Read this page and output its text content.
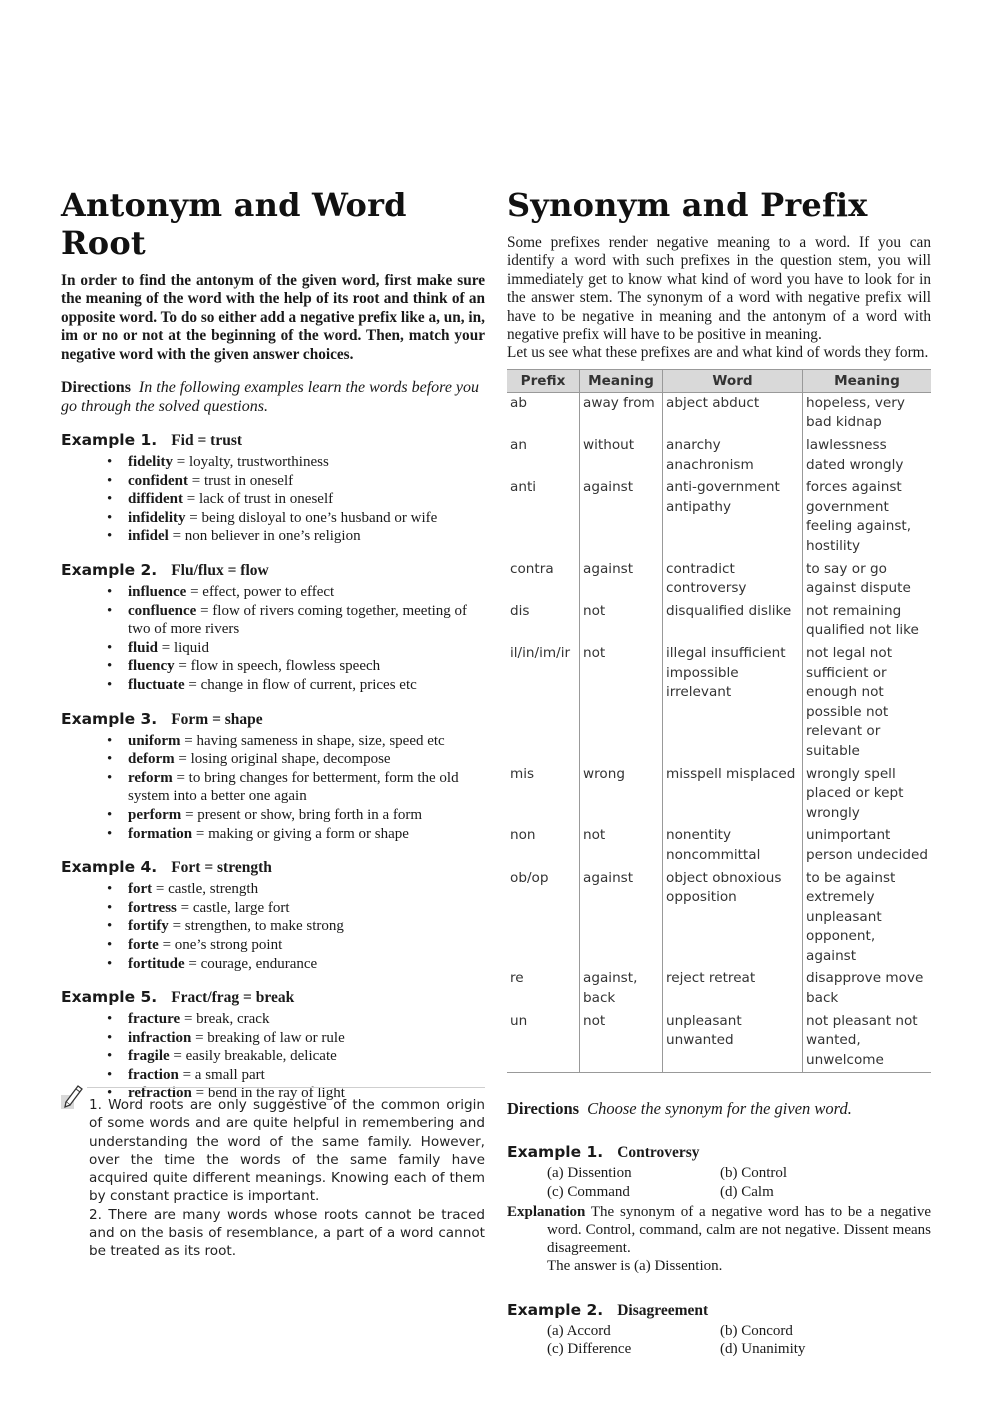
Antonym and Word Root

In order to find the antonym of the given word, first make sure the meaning of the word with the help of its root and think of an opposite word. To do so either add a negative prefix like a, un, in, im or no or not at the beginning of the word. Then, match your negative word with the given answer choices.

Directions In the following examples learn the words before you go through the solved questions.
Example 1. Fid = trust
• fidelity = loyalty, trustworthiness
• confident = trust in oneself
• diffident = lack of trust in oneself
• infidelity = being disloyal to one’s husband or wife
• infidel = non believer in one’s religion
Example 2. Flu/flux = flow
• influence = effect, power to effect
• confluence = flow of rivers coming together, meeting of two of more rivers
• fluid = liquid
• fluency = flow in speech, flowless speech
• fluctuate = change in flow of current, prices etc
Example 3. Form = shape
• uniform = having sameness in shape, size, speed etc
• deform = losing original shape, decompose
• reform = to bring changes for betterment, form the old system into a better one again
• perform = present or show, bring forth in a form
• formation = making or giving a form or shape
Example 4. Fort = strength
• fort = castle, strength
• fortress = castle, large fort
• fortify = strengthen, to make strong
• forte = one’s strong point
• fortitude = courage, endurance
Example 5. Fract/frag = break
• fracture = break, crack
• infraction = breaking of law or rule
• fragile = easily breakable, delicate
• fraction = a small part
• refraction = bend in the ray of light

1. Word roots are only suggestive of the common origin of some words and are quite helpful in remembering and understanding the word of the same family. However, over the time the words of the same family have acquired quite different meanings. Knowing each of them by constant practice is important.

2. There are many words whose roots cannot be traced and on the basis of resemblance, a part of a word cannot be treated as its root.

Synonym and Prefix

Some prefixes render negative meaning to a word. If you can identify a word with such prefixes in the question stem, you will immediately get to know what kind of word you have to look for in the answer stem. The synonym of a word with negative prefix will have to be negative in meaning and the antonym of a word with negative prefix will have to be positive in meaning.

Let us see what these prefixes are and what kind of words they form.

Prefix	Meaning	Word	Meaning
ab	away from	abject abduct	hopeless, very bad kidnap
an	without	anarchy anachronism	lawlessness dated wrongly
anti	against	anti-government antipathy	forces against government feeling against, hostility
contra	against	contradict controversy	to say or go against dispute
dis	not	disqualified dislike	not remaining qualified not like
il/in/im/ir	not	illegal insufficient impossible irrelevant	not legal not sufficient or enough not possible not relevant or suitable
mis	wrong	misspell misplaced	wrongly spell placed or kept wrongly
non	not	nonentity noncommittal	unimportant person undecided
ob/op	against	object obnoxious opposition	to be against extremely unpleasant opponent, against
re	against, back	reject retreat	disapprove move back
un	not	unpleasant unwanted	not pleasant not wanted, unwelcome
Directions Choose the synonym for the given word.
Example 1. Controversy
(a) Dissention	(b) Control
(c) Command	(d) Calm
Explanation The synonym of a negative word has to be a negative word. Control, command, calm are not negative. Dissent means disagreement.
The answer is (a) Dissention.
Example 2. Disagreement
(a) Accord	(b) Concord
(c) Difference	(d) Unanimity
